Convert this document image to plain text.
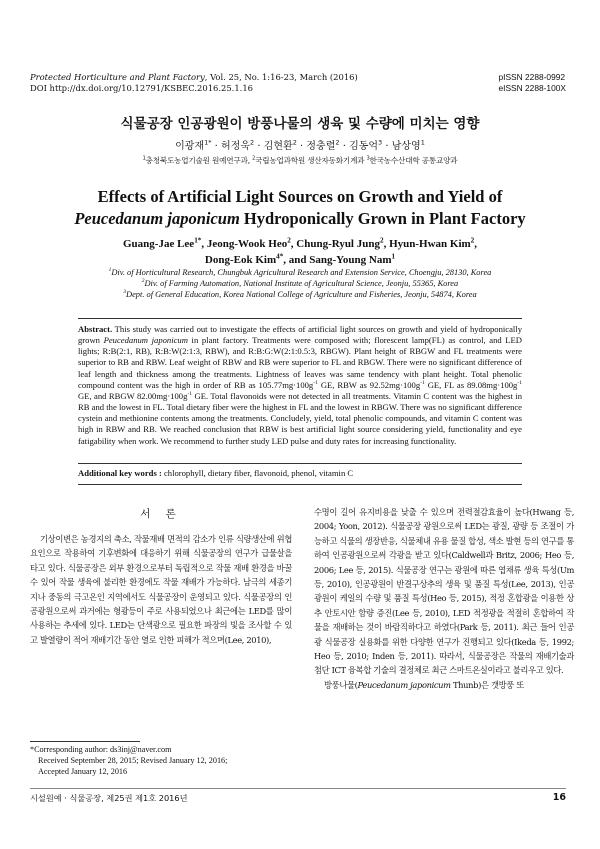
Protected Horticulture and Plant Factory, Vol. 25, No. 1:16-23, March (2016)
DOI http://dx.doi.org/10.12791/KSBEC.2016.25.1.16
pISSN 2288-0992
eISSN 2288-100X
식물공장 인공광원이 방풍나물의 생육 및 수량에 미치는 영향
이광재$^{1*}$ · 허정욱$^2$ · 김현환$^2$ · 정충렬$^2$ · 김동억$^3$ · 남상영$^1$
$^1$충청북도농업기술원 원예연구과, $^2$국립농업과학원 생산자동화기계과 $^3$한국농수산대학 공통교양과
Effects of Artificial Light Sources on Growth and Yield of
Peucedanum japonicum Hydroponically Grown in Plant Factory
Guang-Jae Lee$^{1*}$, Jeong-Wook Heo$^2$, Chung-Ryul Jung$^2$, Hyun-Hwan Kim$^2$,
Dong-Eok Kim$^{4*}$, and Sang-Young Nam$^1$
$^1$Div. of Horticultural Research, Chungbuk Agricultural Research and Extension Service, Choengju, 28130, Korea
$^2$Div. of Farming Automation, National Institute of Agricultural Science, Jeonju, 55365, Korea
$^3$Dept. of General Education, Korea National College of Agriculture and Fisheries, Jeonju, 54874, Korea
Abstract. This study was carried out to investigate the effects of artificial light sources on growth and yield of hydroponically grown Peucedanum japonicum in plant factory. Treatments were composed with; florescent lamp(FL) as control, and LED lights; R:B(2:1, RB), R:B:W(2:1:3, RBW), and R:B:G:W(2:1:0.5:3, RBGW). Plant height of RBGW and FL treatments were superior to RB and RBW. Leaf weight of RBW and RB were superior to FL and RBGW. There were no significant difference of leaf length and thickness among the treatments. Lightness of leaves was same tendency with plant height. Total phenolic compound content was the high in order of RB as $105.77mg\cdot 100g^{-1}$ GE, RBW as $92.52mg\cdot 100g^{-1}$ GE, FL as $89.08mg\cdot 100g^{-1}$ GE, and RBGW $82.00mg\cdot 100g^{-1}$ GE. Total flavonoids were not detected in all treatments. Vitamin C content was the highest in RB and the lowest in FL. Total dietary fiber were the highest in FL and the lowest in RBGW. There was no significant difference cystein and methionine contents among the treatments. Concludely, yield, total phenolic compounds, and vitamin C content was high in RBW and RB. We reached conclusion that RBW is best artificial light source considering yield, functionality and eye fatigability when work. We recommend to further study LED pulse and duty rates for increasing functionality.
Additional key words : chlorophyll, dietary fiber, flavonoid, phenol, vitamin C
서 론

기상이변은 농경지의 축소, 작물재배 면적의 감소가 인류 식량생산에 위협요인으로 작용하여 기후변화에 대응하기 위해 식물공장의 연구가 급물살을 타고 있다. 식물공장은 외부 환경으로부터 독립적으로 작물 재배 환경을 바꿀 수 있어 작물 생육에 불리한 환경에도 작물 재배가 가능하다. 남극의 세종기지나 중동의 극고온인 지역에서도 식물공장이 운영되고 있다. 식물공장의 인공광원으로써 과거에는 형광등이 주로 사용되었으나 최근에는 LED를 많이 사용하는 추세에 있다. LED는 단색광으로 필요한 파장의 빛을 조사할 수 있고 발열량이 적어 재배기간 동안 열로 인한 피해가 적으며(Lee, 2010),

수명이 길어 유지비용을 낮출 수 있으며 전력절감효율이 높다(Hwang 등, 2004; Yoon, 2012). 식물공장 광원으로써 LED는 광질, 광량 등 조절이 가능하고 식물의 생장반응, 식물체내 유용 물질 합성, 색소 발현 등의 연구를 통하여 인공광원으로써 각광을 받고 있다(Caldwell과 Britz, 2006; Heo 등, 2006; Lee 등, 2015). 식물공장 연구는 광원에 따른 엽채류 생육 특성(Um 등, 2010), 인공광원이 반결구상추의 생육 및 품질 특성(Lee, 2013), 인공광원이 케일의 수량 및 품질 특성(Heo 등, 2015), 적정 혼합광을 이용한 상추 안토시안 함량 증진(Lee 등, 2010), LED 적정광을 적절히 혼합하여 작물을 재배하는 것이 바람직하다고 하였다(Park 등, 2011). 최근 들어 인공광 식물공장 실용화를 위한 다양한 연구가 진행되고 있다(Ikeda 등, 1992; Heo 등, 2010; Inden 등, 2011). 따라서, 식물공장은 작물의 재배기술과 첨단 ICT 융복합 기술의 결정체로 최근 스마트온실이라고 불리우고 있다.

방풍나물(Peucedanum japonicum Thunb)은 갯방풍 또

*Corresponding author: ds3inj@naver.com
Received September 28, 2015; Revised January 12, 2016;
Accepted January 12, 2016
시설원예 · 식물공장, 제25권 제1호 2016년	16
